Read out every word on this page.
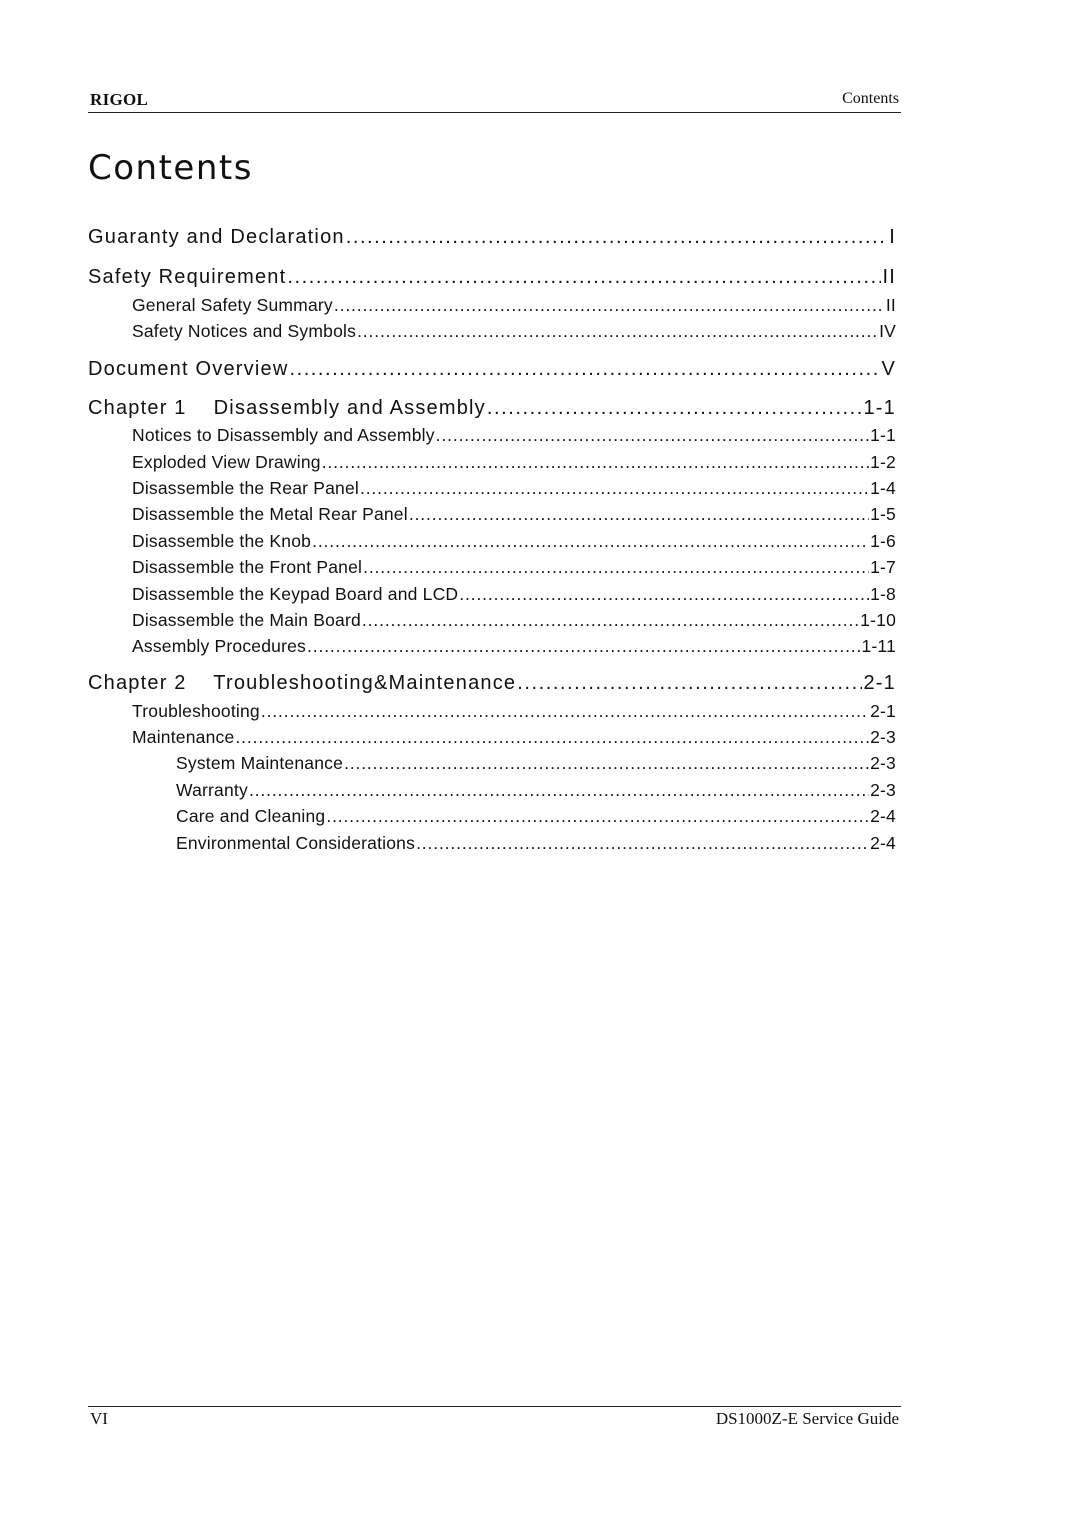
RIGOL	Contents
Contents
Guaranty and Declaration . . .	I
Safety Requirement . . .	II
General Safety Summary . . .	II
Safety Notices and Symbols . . .	IV
Document Overview . . .	V
Chapter 1    Disassembly and Assembly . . .	1-1
Notices to Disassembly and Assembly . . .	1-1
Exploded View Drawing . . .	1-2
Disassemble the Rear Panel . . .	1-4
Disassemble the Metal Rear Panel . . .	1-5
Disassemble the Knob . . .	1-6
Disassemble the Front Panel . . .	1-7
Disassemble the Keypad Board and LCD . . .	1-8
Disassemble the Main Board . . .	1-10
Assembly Procedures . . .	1-11
Chapter 2    Troubleshooting&Maintenance . . .	2-1
Troubleshooting . . .	2-1
Maintenance . . .	2-3
System Maintenance . . .	2-3
Warranty . . .	2-3
Care and Cleaning . . .	2-4
Environmental Considerations . . .	2-4
VI	DS1000Z-E Service Guide
